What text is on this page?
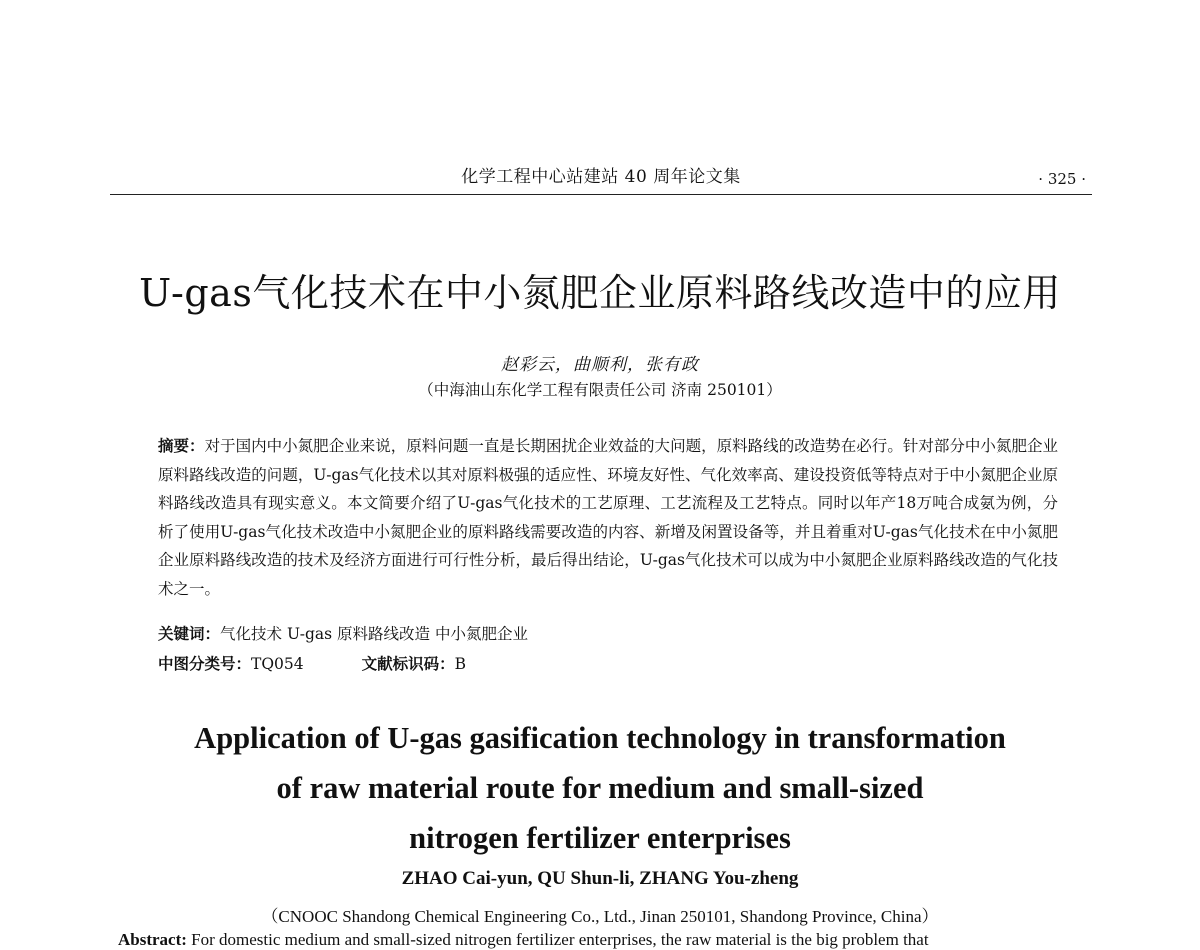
化学工程中心站建站 40 周年论文集	· 325 ·
U-gas气化技术在中小氮肥企业原料路线改造中的应用
赵彩云，曲顺利，张有政
（中海油山东化学工程有限责任公司 济南 250101）
摘要：对于国内中小氮肥企业来说，原料问题一直是长期困扰企业效益的大问题，原料路线的改造势在必行。针对部分中小氮肥企业原料路线改造的问题，U-gas气化技术以其对原料极强的适应性、环境友好性、气化效率高、建设投资低等特点对于中小氮肥企业原料路线改造具有现实意义。本文简要介绍了U-gas气化技术的工艺原理、工艺流程及工艺特点。同时以年产18万吨合成氨为例，分析了使用U-gas气化技术改造中小氮肥企业的原料路线需要改造的内容、新增及闲置设备等，并且着重对U-gas气化技术在中小氮肥企业原料路线改造的技术及经济方面进行可行性分析，最后得出结论，U-gas气化技术可以成为中小氮肥企业原料路线改造的气化技术之一。
关键词：气化技术 U-gas 原料路线改造 中小氮肥企业
中图分类号：TQ054	文献标识码：B
Application of U-gas gasification technology in transformation
of raw material route for medium and small-sized
nitrogen fertilizer enterprises
ZHAO Cai-yun, QU Shun-li, ZHANG You-zheng
（CNOOC Shandong Chemical Engineering Co., Ltd., Jinan 250101, Shandong Province, China）
Abstract: For domestic medium and small-sized nitrogen fertilizer enterprises, the raw material is the big problem that
